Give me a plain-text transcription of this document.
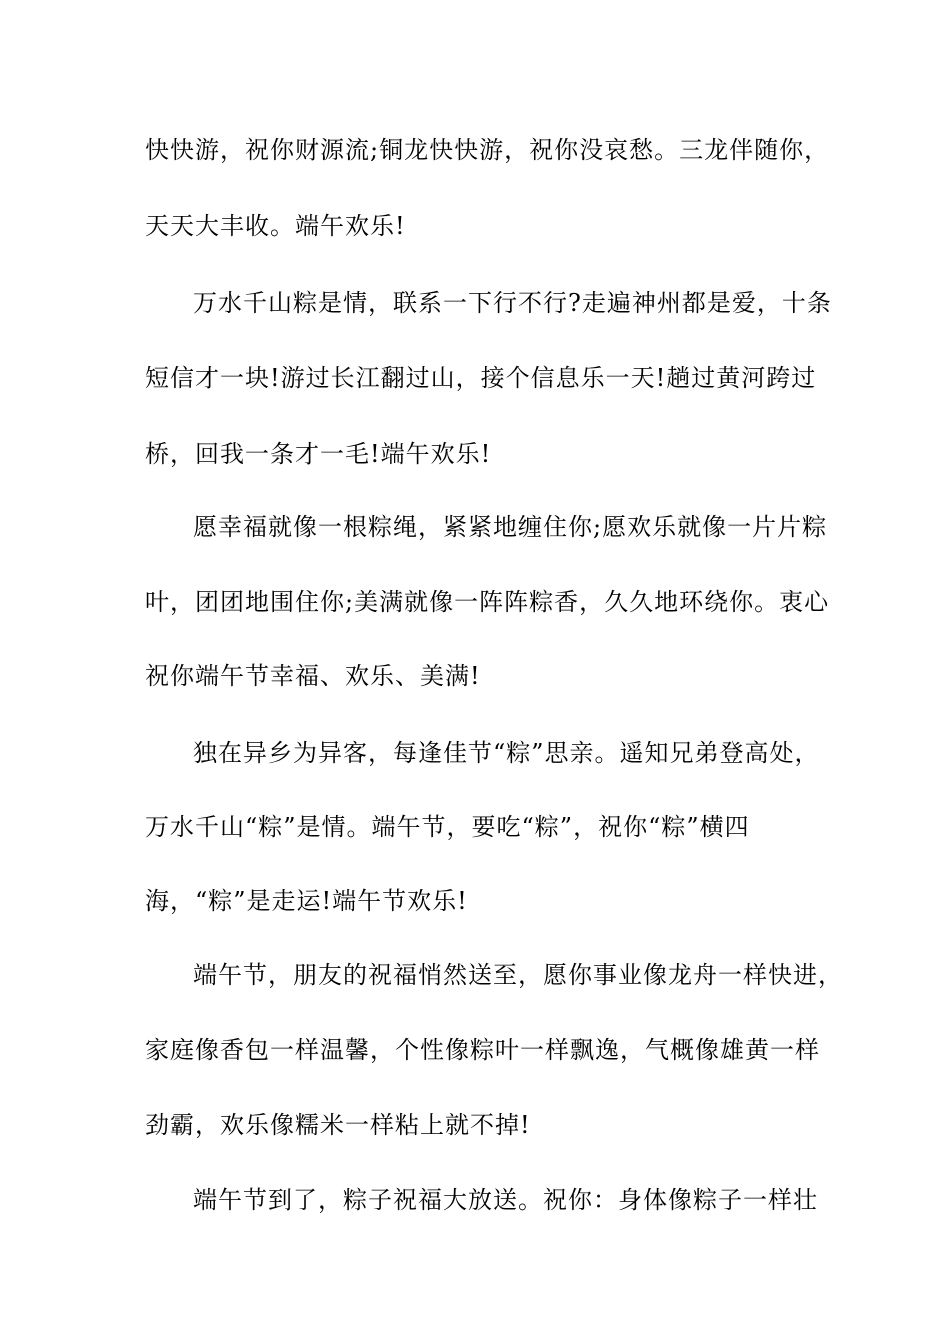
快快游，祝你财源流;铜龙快快游，祝你没哀愁。三龙伴随你，
天天大丰收。端午欢乐!
万水千山粽是情，联系一下行不行?走遍神州都是爱，十条
短信才一块!游过长江翻过山，接个信息乐一天!趟过黄河跨过
桥，回我一条才一毛!端午欢乐!
愿幸福就像一根粽绳，紧紧地缠住你;愿欢乐就像一片片粽
叶，团团地围住你;美满就像一阵阵粽香，久久地环绕你。衷心
祝你端午节幸福、欢乐、美满!
独在异乡为异客，每逢佳节“粽”思亲。遥知兄弟登高处，
万水千山“粽”是情。端午节，要吃“粽”，祝你“粽”横四
海，“粽”是走运!端午节欢乐!
端午节，朋友的祝福悄然送至，愿你事业像龙舟一样快进，
家庭像香包一样温馨，个性像粽叶一样飘逸，气概像雄黄一样
劲霸，欢乐像糯米一样粘上就不掉!
端午节到了，粽子祝福大放送。祝你：身体像粽子一样壮
